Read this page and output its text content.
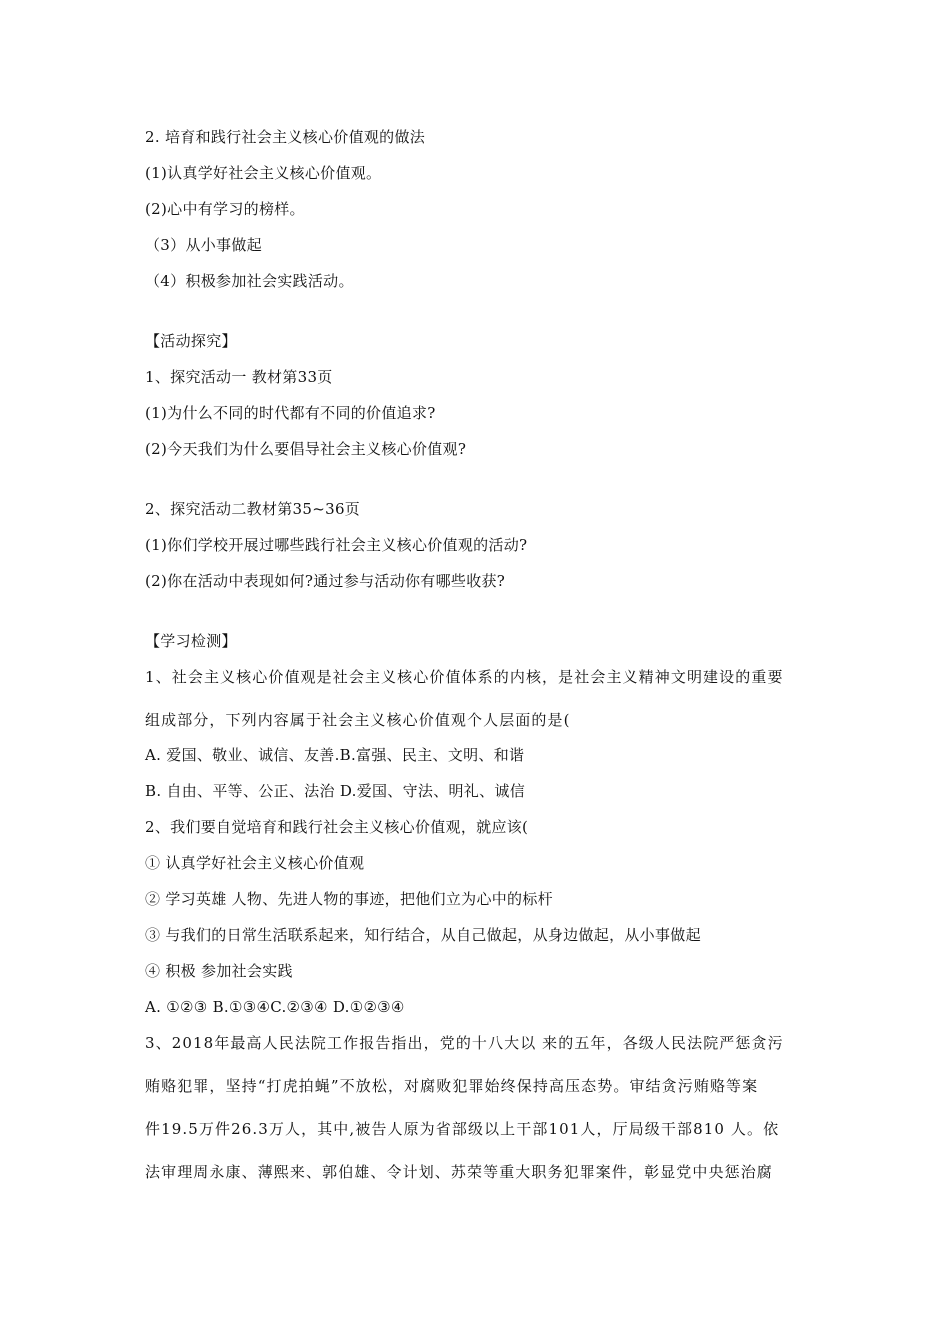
2. 培育和践行社会主义核心价值观的做法
(1)认真学好社会主义核心价值观。
(2)心中有学习的榜样。
（3）从小事做起
（4）积极参加社会实践活动。
【活动探究】
1、探究活动一 教材第33页
(1)为什么不同的时代都有不同的价值追求?
(2)今天我们为什么要倡导社会主义核心价值观?
2、探究活动二教材第35~36页
(1)你们学校开展过哪些践行社会主义核心价值观的活动?
(2)你在活动中表现如何?通过参与活动你有哪些收获?
【学习检测】
1、社会主义核心价值观是社会主义核心价值体系的内核，是社会主义精神文明建设的重要
组成部分，下列内容属于社会主义核心价值观个人层面的是(
A. 爱国、敬业、诚信、友善.B.富强、民主、文明、和谐
B. 自由、平等、公正、法治 D.爱国、守法、明礼、诚信
2、我们要自觉培育和践行社会主义核心价值观，就应该(
① 认真学好社会主义核心价值观
② 学习英雄 人物、先进人物的事迹，把他们立为心中的标杆
③ 与我们的日常生活联系起来，知行结合，从自己做起，从身边做起，从小事做起
④ 积极 参加社会实践
A. ①②③ B.①③④C.②③④ D.①②③④
3、2018年最高人民法院工作报告指出，党的十八大以 来的五年，各级人民法院严惩贪污
贿赂犯罪，坚持“打虎拍蝇”不放松，对腐败犯罪始终保持高压态势。审结贪污贿赂等案
件19.5万件26.3万人，其中,被告人原为省部级以上干部101人，厅局级干部810 人。依
法审理周永康、薄熙来、郭伯雄、令计划、苏荣等重大职务犯罪案件，彰显党中央惩治腐
